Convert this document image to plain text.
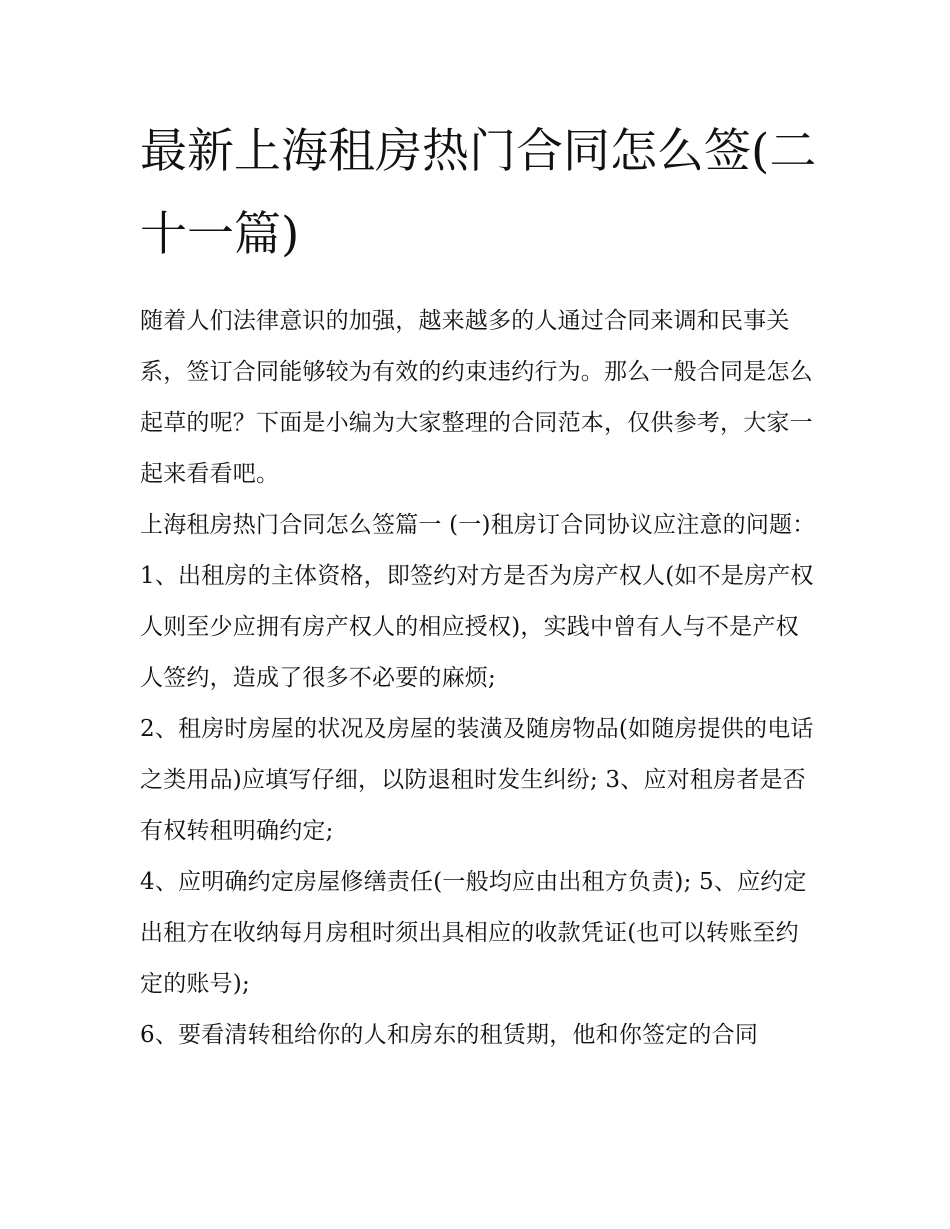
最新上海租房热门合同怎么签(二十一篇)

随着人们法律意识的加强，越来越多的人通过合同来调和民事关系，签订合同能够较为有效的约束违约行为。那么一般合同是怎么起草的呢？下面是小编为大家整理的合同范本，仅供参考，大家一起来看看吧。

上海租房热门合同怎么签篇一 (一)租房订合同协议应注意的问题：

1、出租房的主体资格，即签约对方是否为房产权人(如不是房产权人则至少应拥有房产权人的相应授权)，实践中曾有人与不是产权人签约，造成了很多不必要的麻烦;

2、租房时房屋的状况及房屋的装潢及随房物品(如随房提供的电话之类用品)应填写仔细，以防退租时发生纠纷; 3、应对租房者是否有权转租明确约定;

4、应明确约定房屋修缮责任(一般均应由出租方负责); 5、应约定出租方在收纳每月房租时须出具相应的收款凭证(也可以转账至约定的账号);

6、要看清转租给你的人和房东的租赁期，他和你签定的合同
